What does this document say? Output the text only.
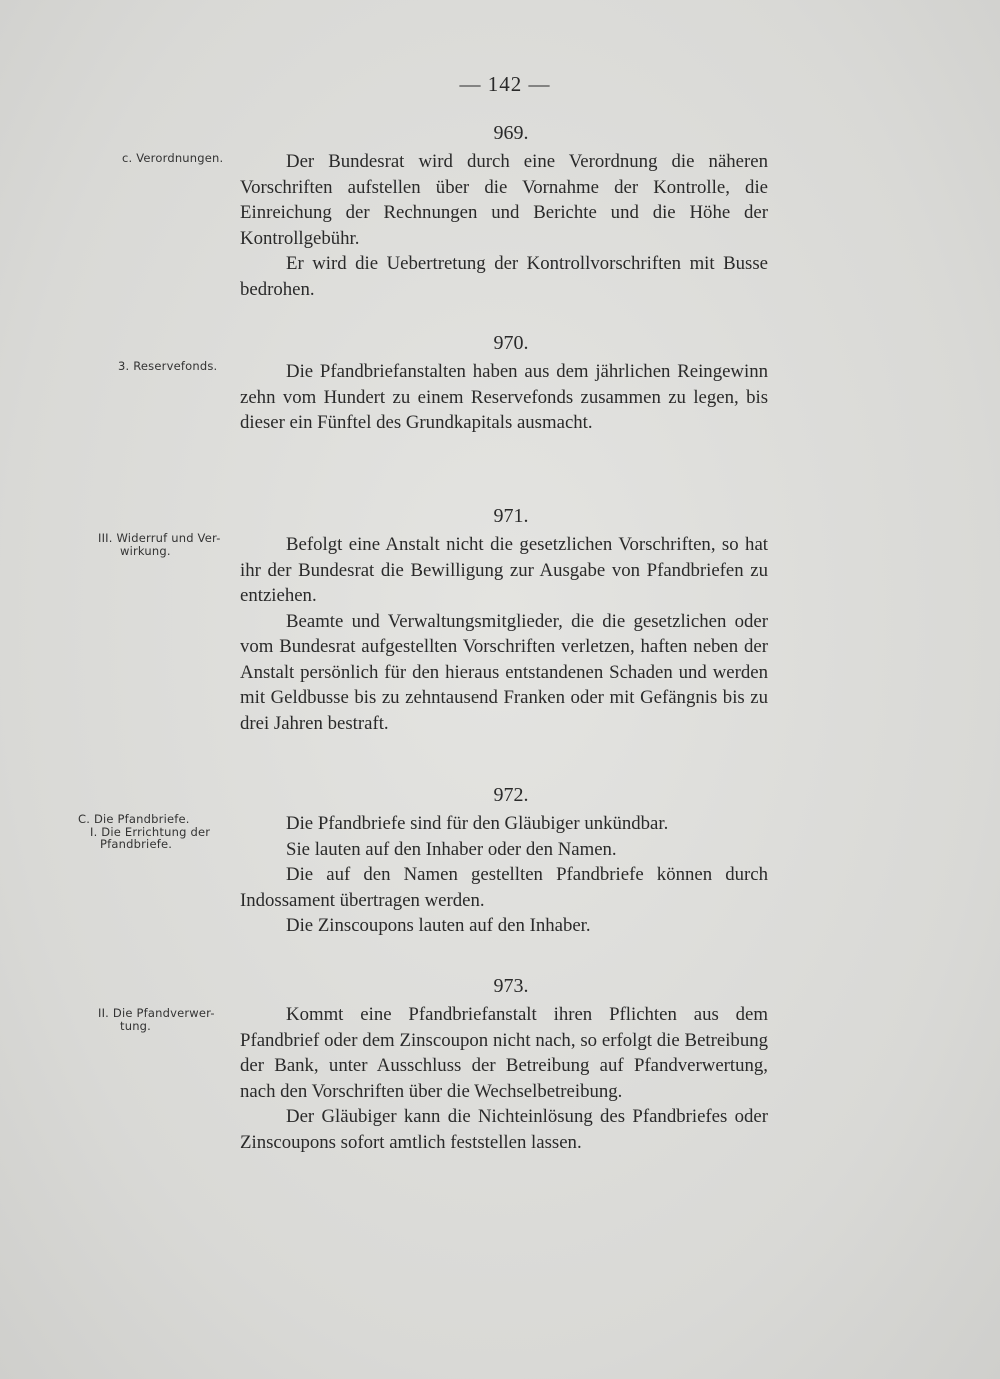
— 142 —
c. Verordnungen.
969.

Der Bundesrat wird durch eine Verordnung die näheren Vorschriften aufstellen über die Vornahme der Kontrolle, die Einreichung der Rechnungen und Berichte und die Höhe der Kontrollgebühr.

Er wird die Uebertretung der Kontrollvorschriften mit Busse bedrohen.

3. Reservefonds.
970.

Die Pfandbriefanstalten haben aus dem jährlichen Reingewinn zehn vom Hundert zu einem Reservefonds zusammen zu legen, bis dieser ein Fünftel des Grundkapitals ausmacht.

III. Widerruf und Ver-
wirkung.
971.

Befolgt eine Anstalt nicht die gesetzlichen Vorschriften, so hat ihr der Bundesrat die Bewilligung zur Ausgabe von Pfandbriefen zu entziehen.

Beamte und Verwaltungsmitglieder, die die gesetzlichen oder vom Bundesrat aufgestellten Vorschriften verletzen, haften neben der Anstalt persönlich für den hieraus entstandenen Schaden und werden mit Geldbusse bis zu zehntausend Franken oder mit Gefängnis bis zu drei Jahren bestraft.

C. Die Pfandbriefe.
I. Die Errichtung der
Pfandbriefe.
972.

Die Pfandbriefe sind für den Gläubiger unkündbar.

Sie lauten auf den Inhaber oder den Namen.

Die auf den Namen gestellten Pfandbriefe können durch Indossament übertragen werden.

Die Zinscoupons lauten auf den Inhaber.

II. Die Pfandverwer-
tung.
973.

Kommt eine Pfandbriefanstalt ihren Pflichten aus dem Pfandbrief oder dem Zinscoupon nicht nach, so erfolgt die Betreibung der Bank, unter Ausschluss der Betreibung auf Pfandverwertung, nach den Vorschriften über die Wechselbetreibung.

Der Gläubiger kann die Nichteinlösung des Pfandbriefes oder Zinscoupons sofort amtlich feststellen lassen.
